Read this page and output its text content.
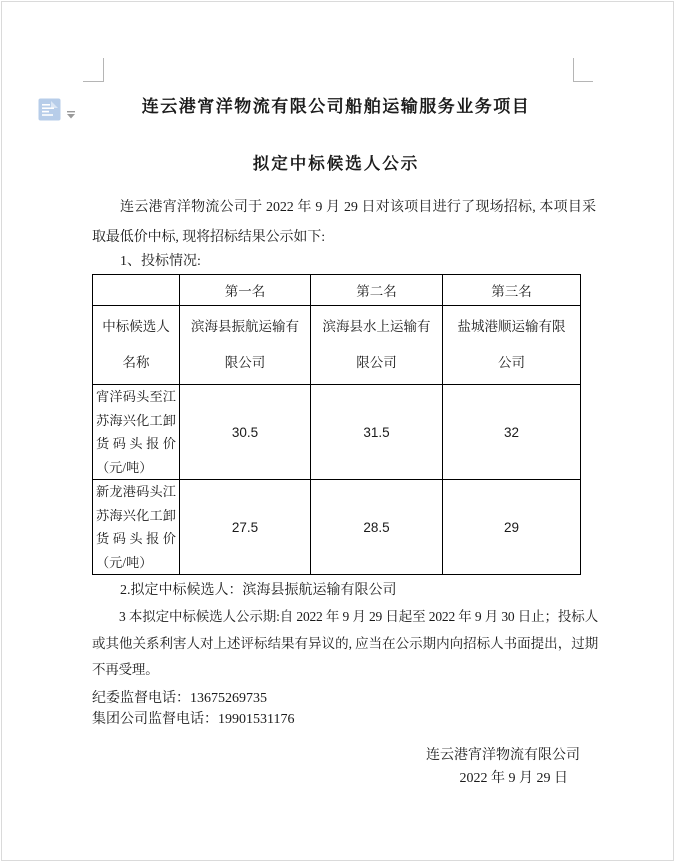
连云港宵洋物流有限公司船舶运输服务业务项目
拟定中标候选人公示

连云港宵洋物流公司于 2022 年 9 月 29 日对该项目进行了现场招标, 本项目采取最低价中标, 现将招标结果公示如下:

1、投标情况:

	第一名	第二名	第三名

中标候选人名称	滨海县振航运输有限公司	滨海县水上运输有限公司	盐城港顺运输有限公司

宵洋码头至江苏海兴化工卸货码头报价（元/吨）	30.5	31.5	32

新龙港码头江苏海兴化工卸货码头报价（元/吨）	27.5	28.5	29

2.拟定中标候选人：滨海县振航运输有限公司

3 本拟定中标候选人公示期:自 2022 年 9 月 29 日起至 2022 年 9 月 30 日止；投标人或其他关系利害人对上述评标结果有异议的, 应当在公示期内向招标人书面提出，过期不再受理。

纪委监督电话：13675269735

集团公司监督电话：19901531176

连云港宵洋物流有限公司

2022 年 9 月 29 日
